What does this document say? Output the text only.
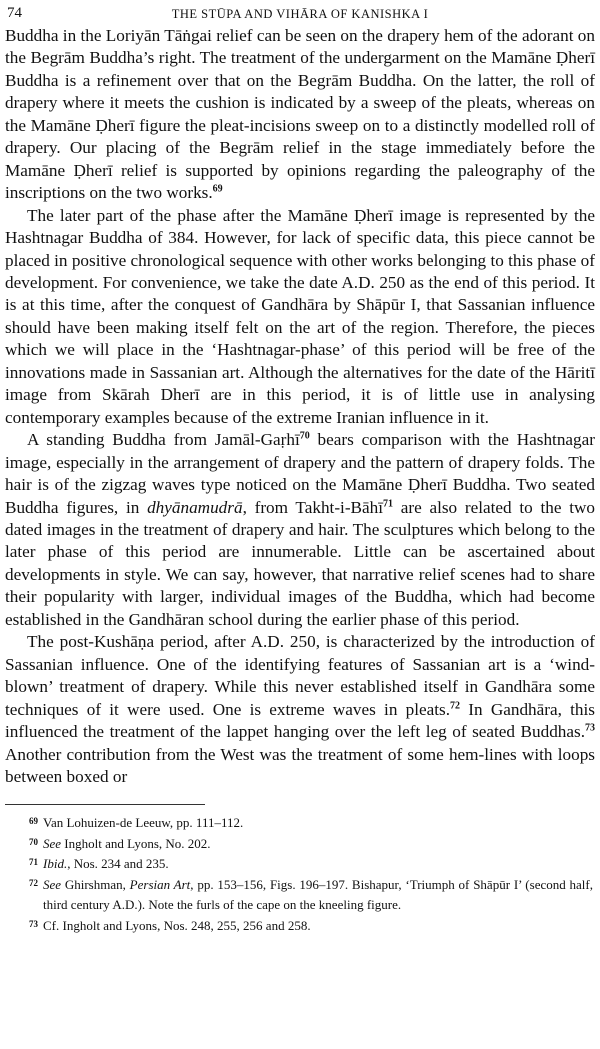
74	THE STŪPA AND VIHĀRA OF KANISHKA I

Buddha in the Loriyān Tāṅgai relief can be seen on the drapery hem of the adorant on the Begrām Buddha’s right. The treatment of the undergarment on the Mamāne Ḍherī Buddha is a refinement over that on the Begrām Buddha. On the latter, the roll of drapery where it meets the cushion is indicated by a sweep of the pleats, whereas on the Mamāne Ḍherī figure the pleat-incisions sweep on to a distinctly modelled roll of drapery. Our placing of the Begrām relief in the stage immediately before the Mamāne Ḍherī relief is supported by opinions regarding the paleography of the inscriptions on the two works.$^{69}$

The later part of the phase after the Mamāne Ḍherī image is represented by the Hashtnagar Buddha of 384. However, for lack of specific data, this piece cannot be placed in positive chronological sequence with other works belonging to this phase of development. For convenience, we take the date A.D. 250 as the end of this period. It is at this time, after the conquest of Gandhāra by Shāpūr I, that Sassanian influence should have been making itself felt on the art of the region. Therefore, the pieces which we will place in the ‘Hashtnagar-phase’ of this period will be free of the innovations made in Sassanian art. Although the alternatives for the date of the Hāritī image from Skārah Dherī are in this period, it is of little use in analysing contemporary examples because of the extreme Iranian influence in it.

A standing Buddha from Jamāl-Gaṛhī$^{70}$ bears comparison with the Hashtnagar image, especially in the arrangement of drapery and the pattern of drapery folds. The hair is of the zigzag waves type noticed on the Mamāne Ḍherī Buddha. Two seated Buddha figures, in dhyānamudrā, from Takht-i-Bāhī$^{71}$ are also related to the two dated images in the treatment of drapery and hair. The sculptures which belong to the later phase of this period are innumerable. Little can be ascertained about developments in style. We can say, however, that narrative relief scenes had to share their popularity with larger, individual images of the Buddha, which had become established in the Gandhāran school during the earlier phase of this period.

The post-Kushāṇa period, after A.D. 250, is characterized by the introduction of Sassanian influence. One of the identifying features of Sassanian art is a ‘wind-blown’ treatment of drapery. While this never established itself in Gandhāra some techniques of it were used. One is extreme waves in pleats.$^{72}$ In Gandhāra, this influenced the treatment of the lappet hanging over the left leg of seated Buddhas.$^{73}$ Another contribution from the West was the treatment of some hem-lines with loops between boxed or

69 Van Lohuizen-de Leeuw, pp. 111–112.
70 See Ingholt and Lyons, No. 202.
71 Ibid., Nos. 234 and 235.
72 See Ghirshman, Persian Art, pp. 153–156, Figs. 196–197. Bishapur, ‘Triumph of Shāpūr I’ (second half, third century A.D.). Note the furls of the cape on the kneeling figure.
73 Cf. Ingholt and Lyons, Nos. 248, 255, 256 and 258.
